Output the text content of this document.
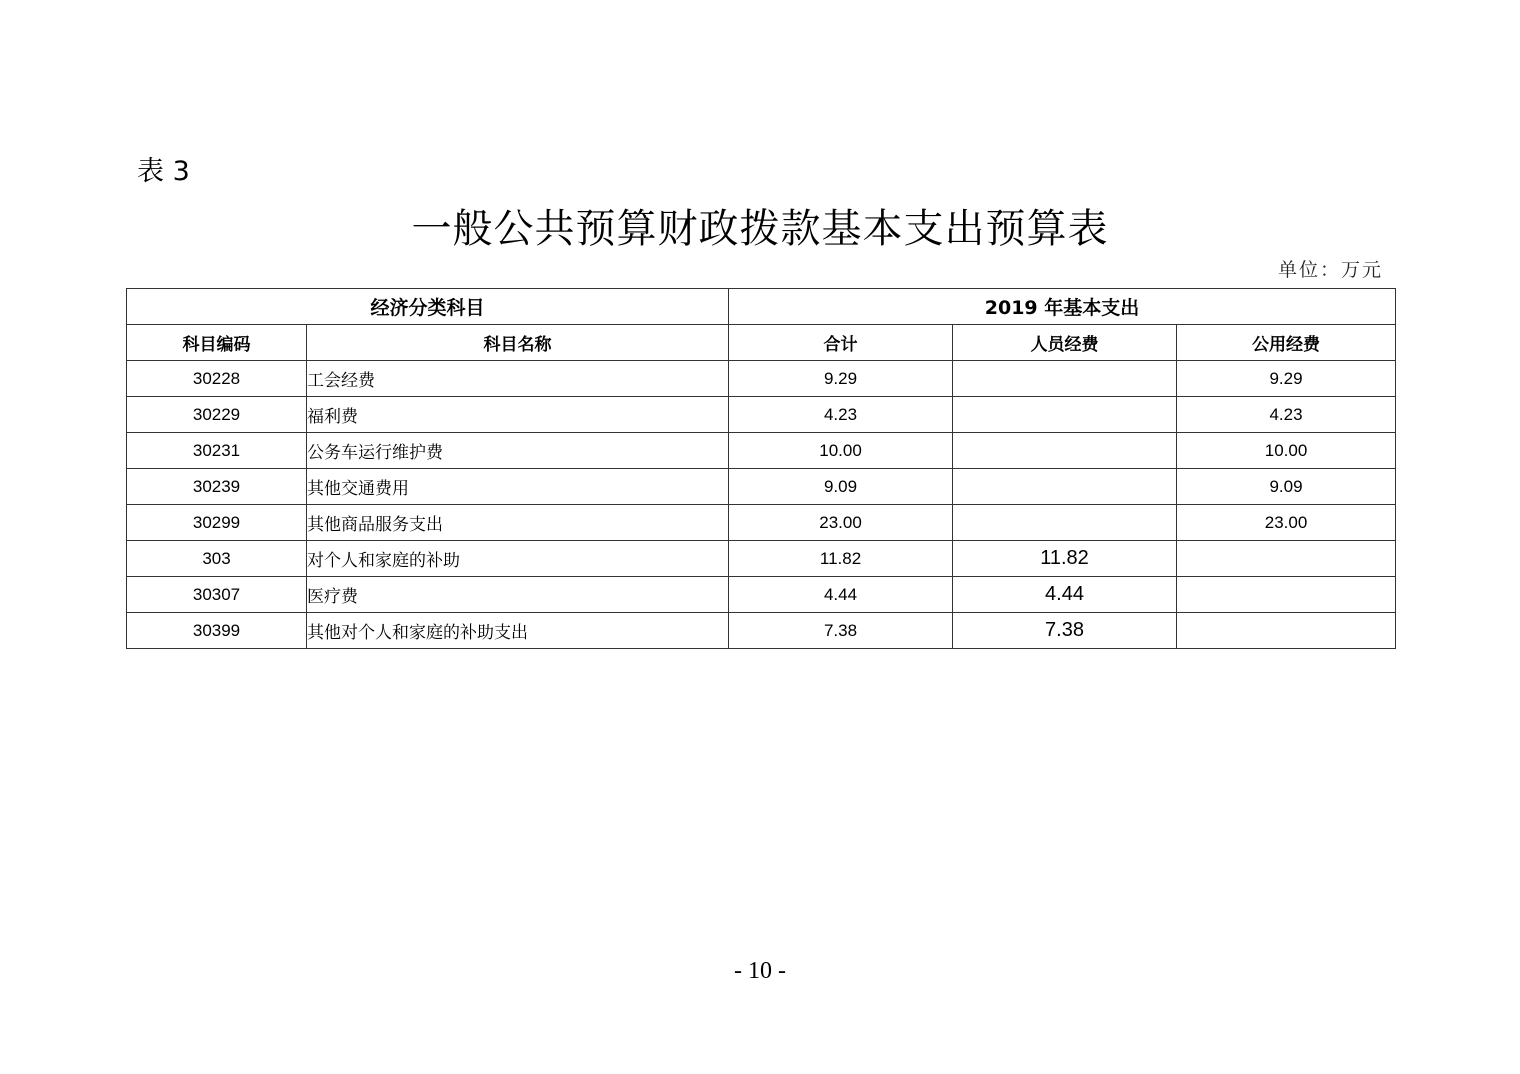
表 3
一般公共预算财政拨款基本支出预算表
单位：万元
经济分类科目		2019 年基本支出		
科目编码	科目名称	合计	人员经费	公用经费
30228	工会经费	9.29		9.29
30229	福利费	4.23		4.23
30231	公务车运行维护费	10.00		10.00
30239	其他交通费用	9.09		9.09
30299	其他商品服务支出	23.00		23.00
303	对个人和家庭的补助	11.82	11.82	
30307	医疗费	4.44	4.44	
30399	其他对个人和家庭的补助支出	7.38	7.38	
- 10 -
